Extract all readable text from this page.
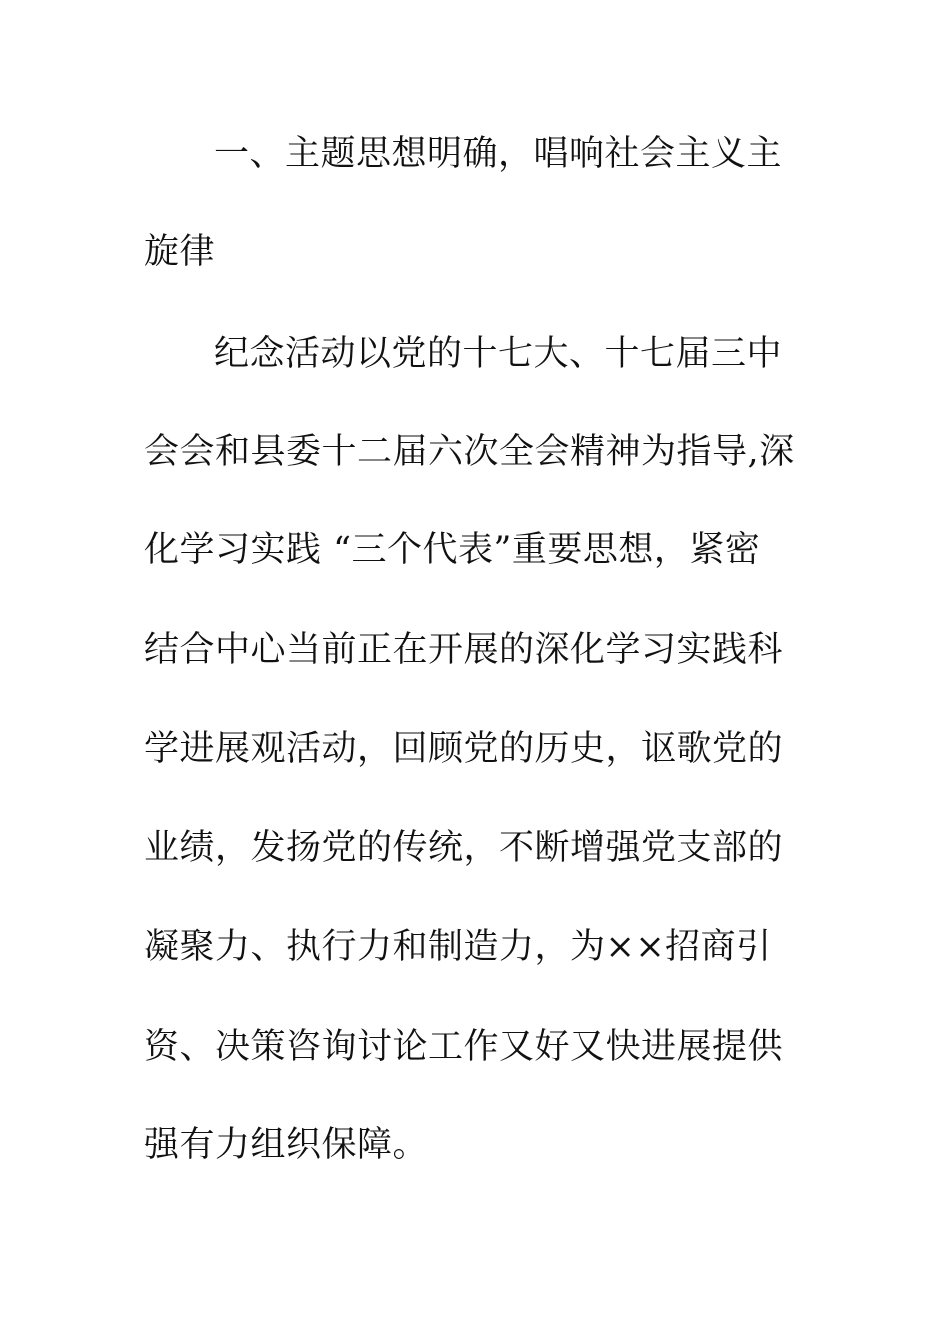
一、主题思想明确，唱响社会主义主
旋律
纪念活动以党的十七大、十七届三中
会会和县委十二届六次全会精神为指导,深
化学习实践 “三个代表”重要思想，紧密
结合中心当前正在开展的深化学习实践科
学进展观活动，回顾党的历史，讴歌党的
业绩，发扬党的传统，不断增强党支部的
凝聚力、执行力和制造力，为××招商引
资、决策咨询讨论工作又好又快进展提供
强有力组织保障。
